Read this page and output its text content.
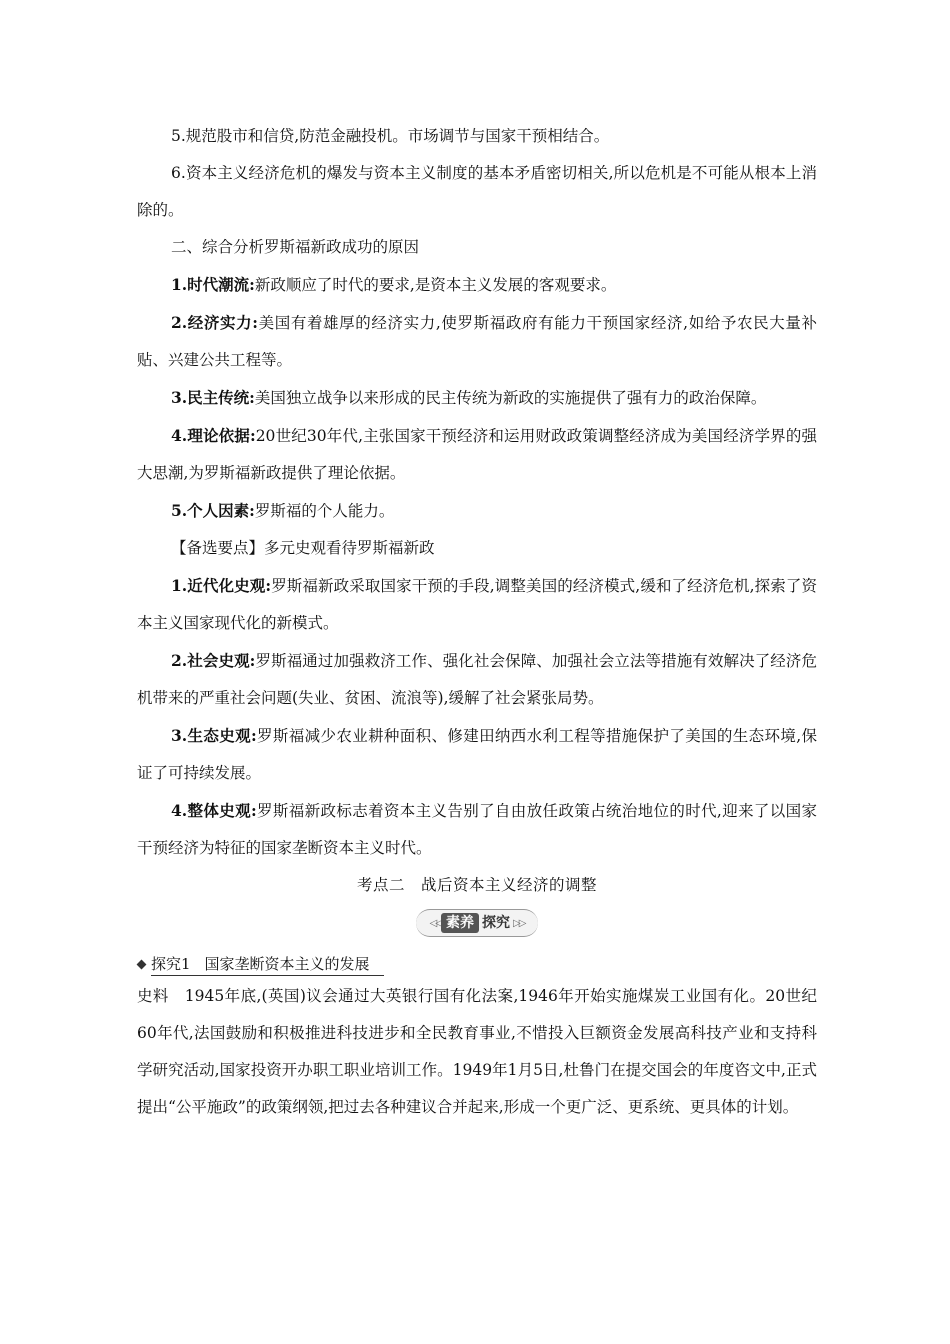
5.规范股市和信贷,防范金融投机。市场调节与国家干预相结合。

6.资本主义经济危机的爆发与资本主义制度的基本矛盾密切相关,所以危机是不可能从根本上消除的。

二、综合分析罗斯福新政成功的原因

1.时代潮流:新政顺应了时代的要求,是资本主义发展的客观要求。

2.经济实力:美国有着雄厚的经济实力,使罗斯福政府有能力干预国家经济,如给予农民大量补贴、兴建公共工程等。

3.民主传统:美国独立战争以来形成的民主传统为新政的实施提供了强有力的政治保障。

4.理论依据:20世纪30年代,主张国家干预经济和运用财政政策调整经济成为美国经济学界的强大思潮,为罗斯福新政提供了理论依据。

5.个人因素:罗斯福的个人能力。

【备选要点】多元史观看待罗斯福新政

1.近代化史观:罗斯福新政采取国家干预的手段,调整美国的经济模式,缓和了经济危机,探索了资本主义国家现代化的新模式。

2.社会史观:罗斯福通过加强救济工作、强化社会保障、加强社会立法等措施有效解决了经济危机带来的严重社会问题(失业、贫困、流浪等),缓解了社会紧张局势。

3.生态史观:罗斯福减少农业耕种面积、修建田纳西水利工程等措施保护了美国的生态环境,保证了可持续发展。

4.整体史观:罗斯福新政标志着资本主义告别了自由放任政策占统治地位的时代,迎来了以国家干预经济为特征的国家垄断资本主义时代。

考点二　战后资本主义经济的调整
◁◁ 素养 探究 ▷▷
探究1 国家垄断资本主义的发展

史料　1945年底,(英国)议会通过大英银行国有化法案,1946年开始实施煤炭工业国有化。20世纪60年代,法国鼓励和积极推进科技进步和全民教育事业,不惜投入巨额资金发展高科技产业和支持科学研究活动,国家投资开办职工职业培训工作。1949年1月5日,杜鲁门在提交国会的年度咨文中,正式提出“公平施政”的政策纲领,把过去各种建议合并起来,形成一个更广泛、更系统、更具体的计划。
